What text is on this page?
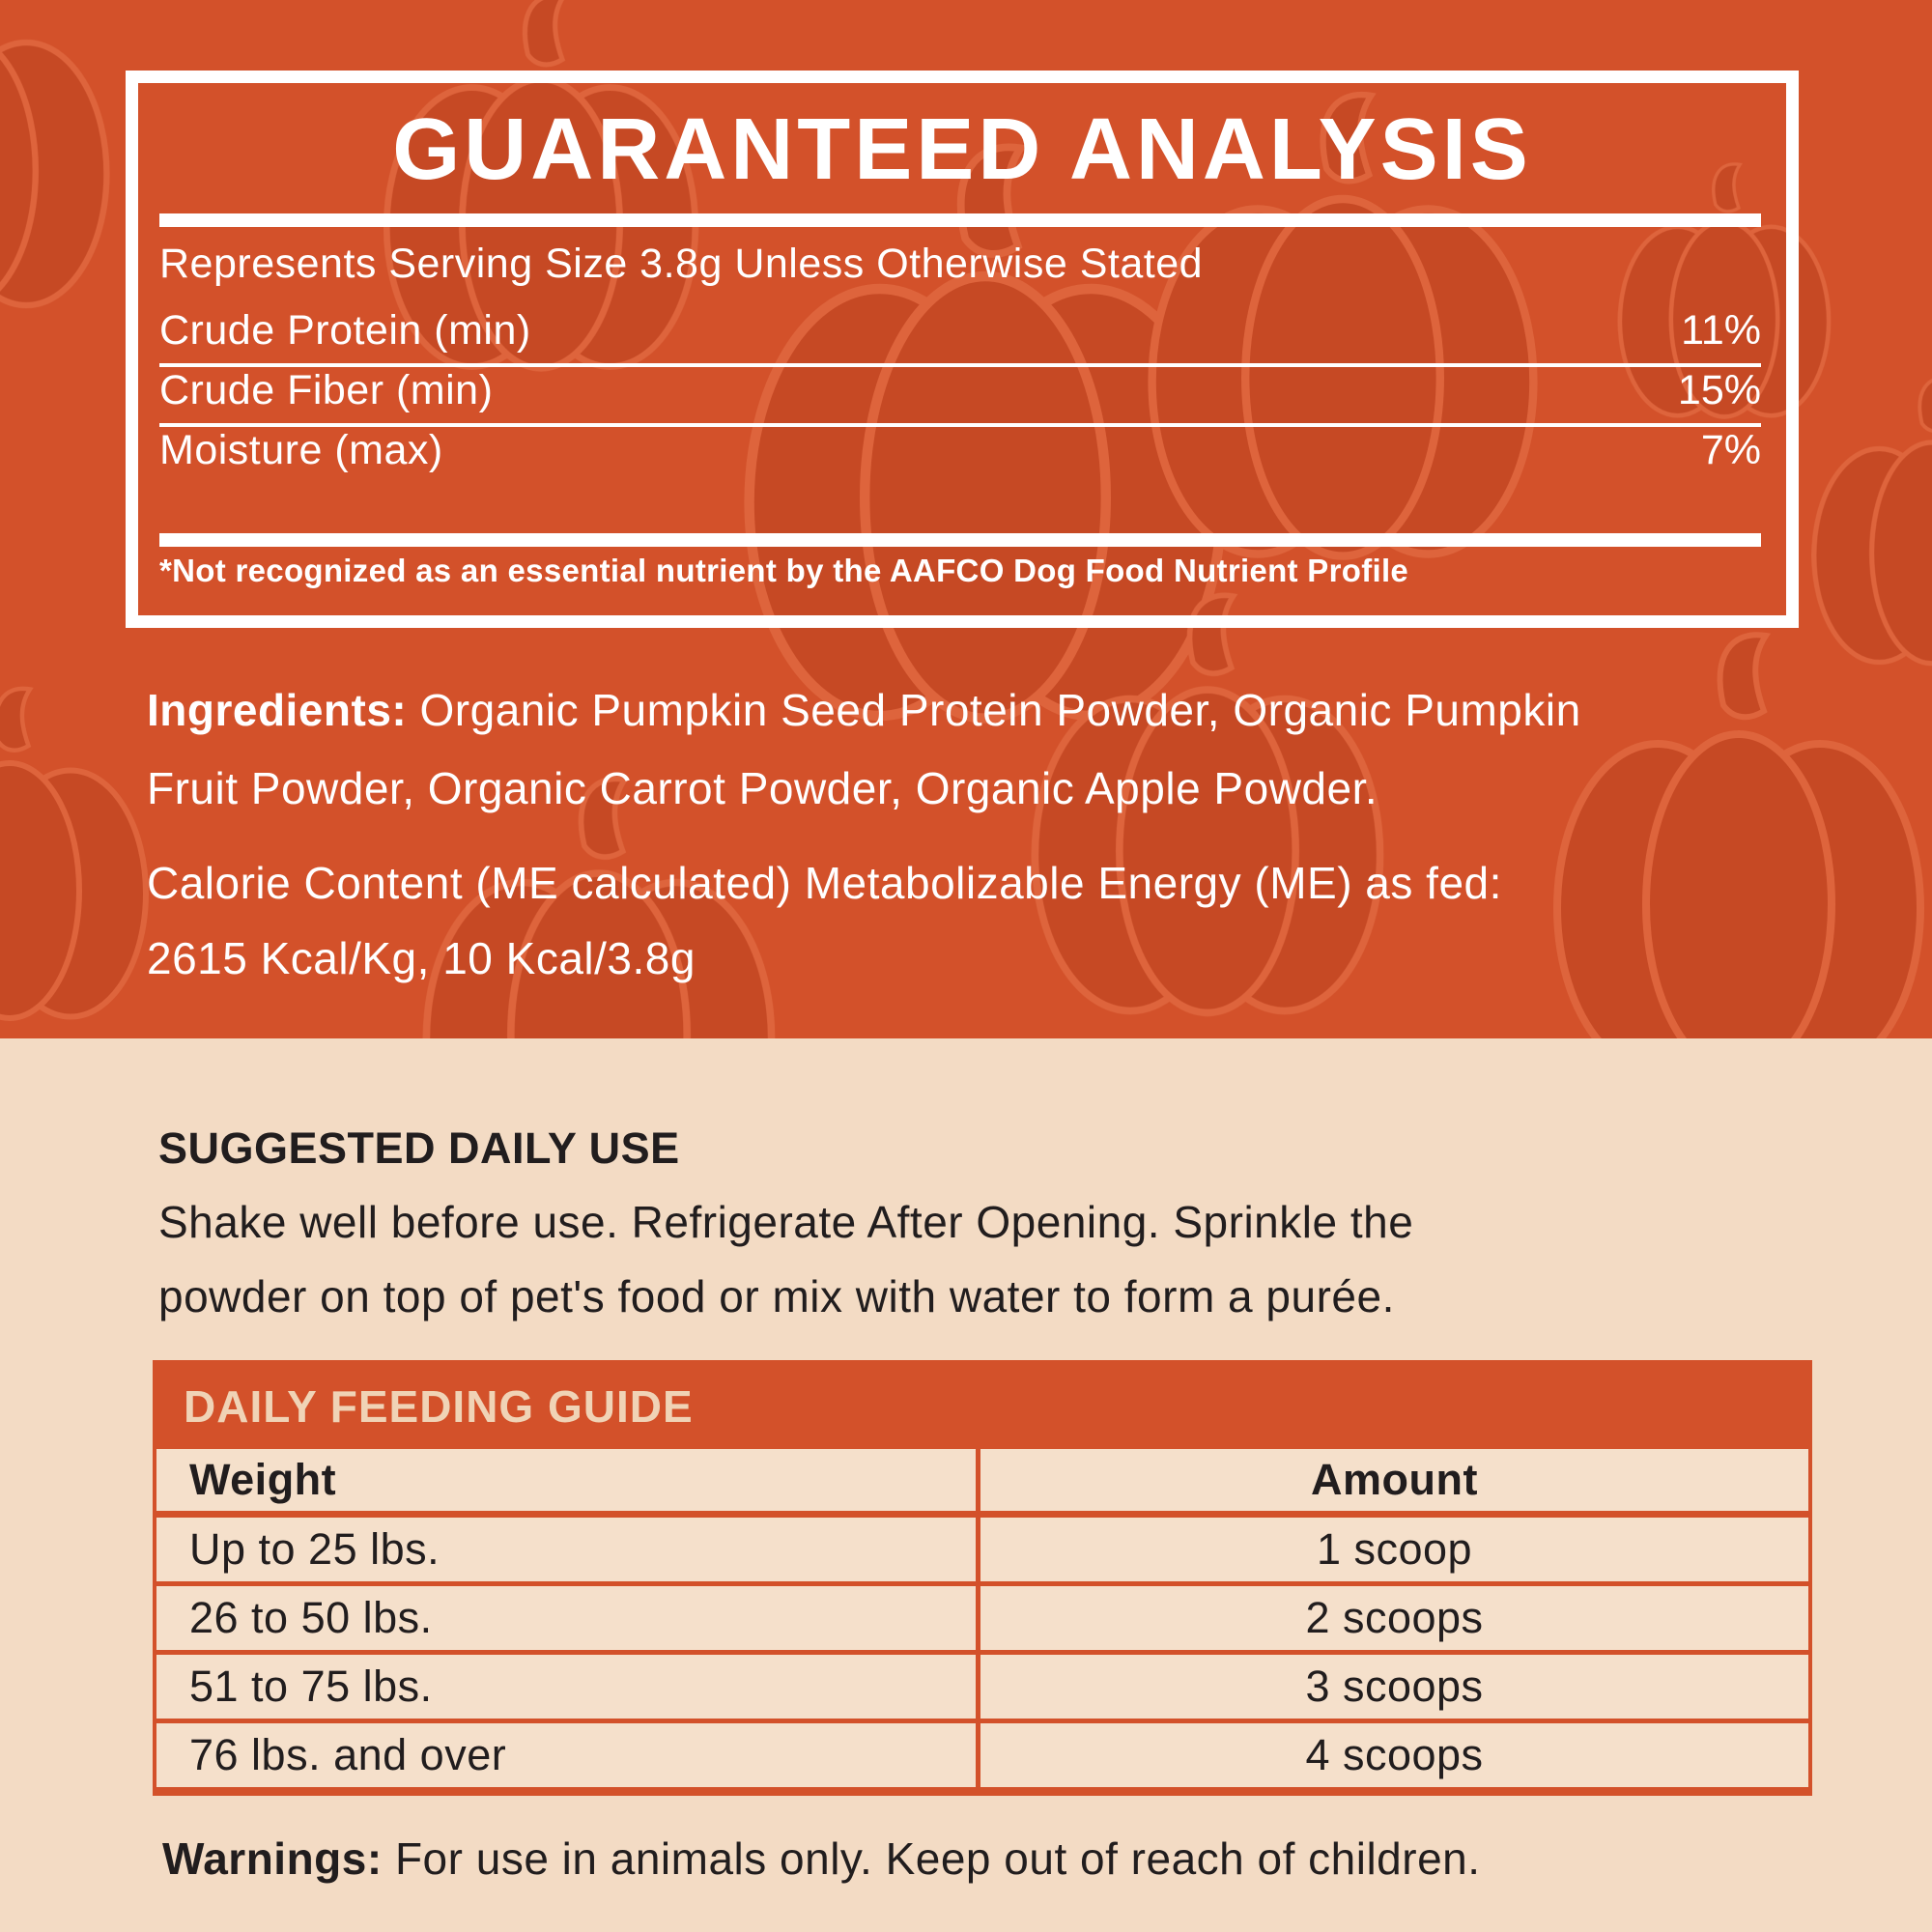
GUARANTEED ANALYSIS
Represents Serving Size 3.8g Unless Otherwise Stated
Crude Protein (min)	11%
Crude Fiber (min)	15%
Moisture (max)	7%
*Not recognized as an essential nutrient by the AAFCO Dog Food Nutrient Profile
Ingredients: Organic Pumpkin Seed Protein Powder, Organic Pumpkin
Fruit Powder, Organic Carrot Powder, Organic Apple Powder.
Calorie Content (ME calculated) Metabolizable Energy (ME) as fed:
2615 Kcal/Kg, 10 Kcal/3.8g
SUGGESTED DAILY USE
Shake well before use. Refrigerate After Opening. Sprinkle the
powder on top of pet's food or mix with water to form a purée.
DAILY FEEDING GUIDE
Weight	Amount
Up to 25 lbs.	1 scoop
26 to 50 lbs.	2 scoops
51 to 75 lbs.	3 scoops
76 lbs. and over	4 scoops
Warnings: For use in animals only. Keep out of reach of children.
